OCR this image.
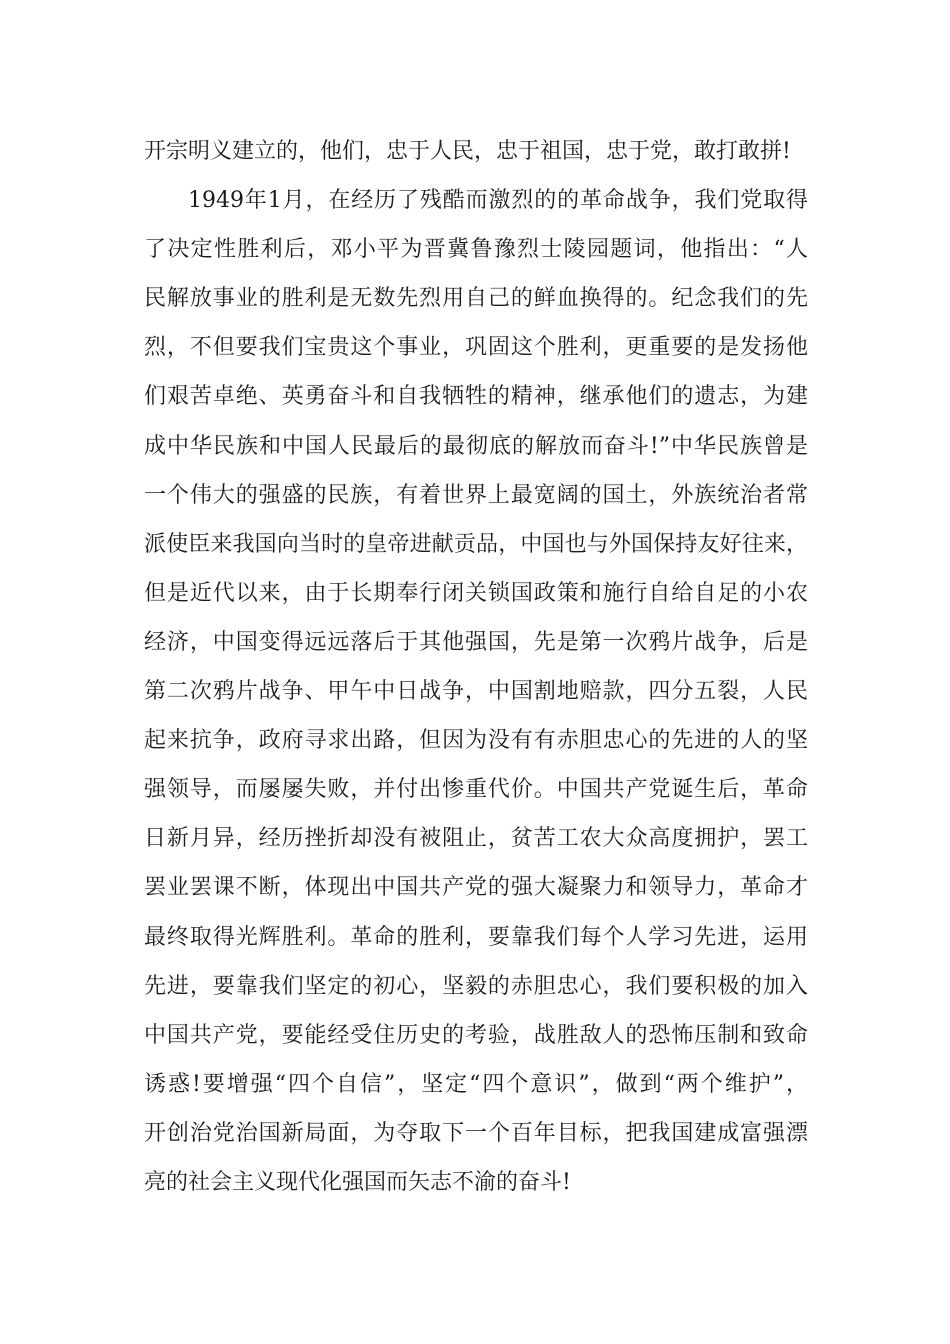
开宗明义建立的，他们，忠于人民，忠于祖国，忠于党，敢打敢拼!
1949年1月，在经历了残酷而激烈的的革命战争，我们党取得
了决定性胜利后，邓小平为晋冀鲁豫烈士陵园题词，他指出：“人
民解放事业的胜利是无数先烈用自己的鲜血换得的。纪念我们的先
烈，不但要我们宝贵这个事业，巩固这个胜利，更重要的是发扬他
们艰苦卓绝、英勇奋斗和自我牺牲的精神，继承他们的遗志，为建
成中华民族和中国人民最后的最彻底的解放而奋斗!”中华民族曾是
一个伟大的强盛的民族，有着世界上最宽阔的国土，外族统治者常
派使臣来我国向当时的皇帝进献贡品，中国也与外国保持友好往来，
但是近代以来，由于长期奉行闭关锁国政策和施行自给自足的小农
经济，中国变得远远落后于其他强国，先是第一次鸦片战争，后是
第二次鸦片战争、甲午中日战争，中国割地赔款，四分五裂，人民
起来抗争，政府寻求出路，但因为没有有赤胆忠心的先进的人的坚
强领导，而屡屡失败，并付出惨重代价。中国共产党诞生后，革命
日新月异，经历挫折却没有被阻止，贫苦工农大众高度拥护，罢工
罢业罢课不断，体现出中国共产党的强大凝聚力和领导力，革命才
最终取得光辉胜利。革命的胜利，要靠我们每个人学习先进，运用
先进，要靠我们坚定的初心，坚毅的赤胆忠心，我们要积极的加入
中国共产党，要能经受住历史的考验，战胜敌人的恐怖压制和致命
诱惑!要增强“四个自信”，坚定“四个意识”，做到“两个维护”，
开创治党治国新局面，为夺取下一个百年目标，把我国建成富强漂
亮的社会主义现代化强国而矢志不渝的奋斗!
